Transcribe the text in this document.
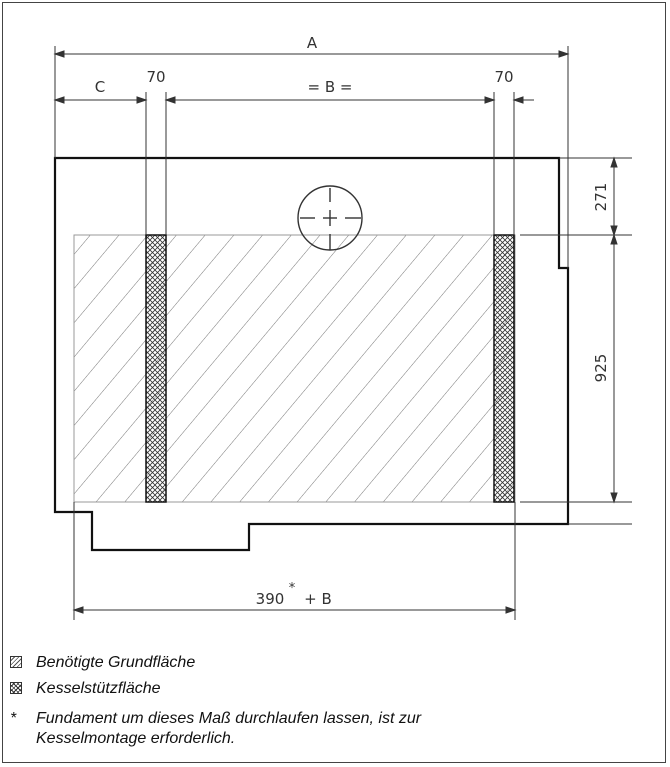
A
C
70
= B =
70
271
925
390
*
+ B
Benötigte Grundfläche
Kesselstützfläche
* Fundament um dieses Maß durchlaufen lassen, ist zur
Kesselmontage erforderlich.
